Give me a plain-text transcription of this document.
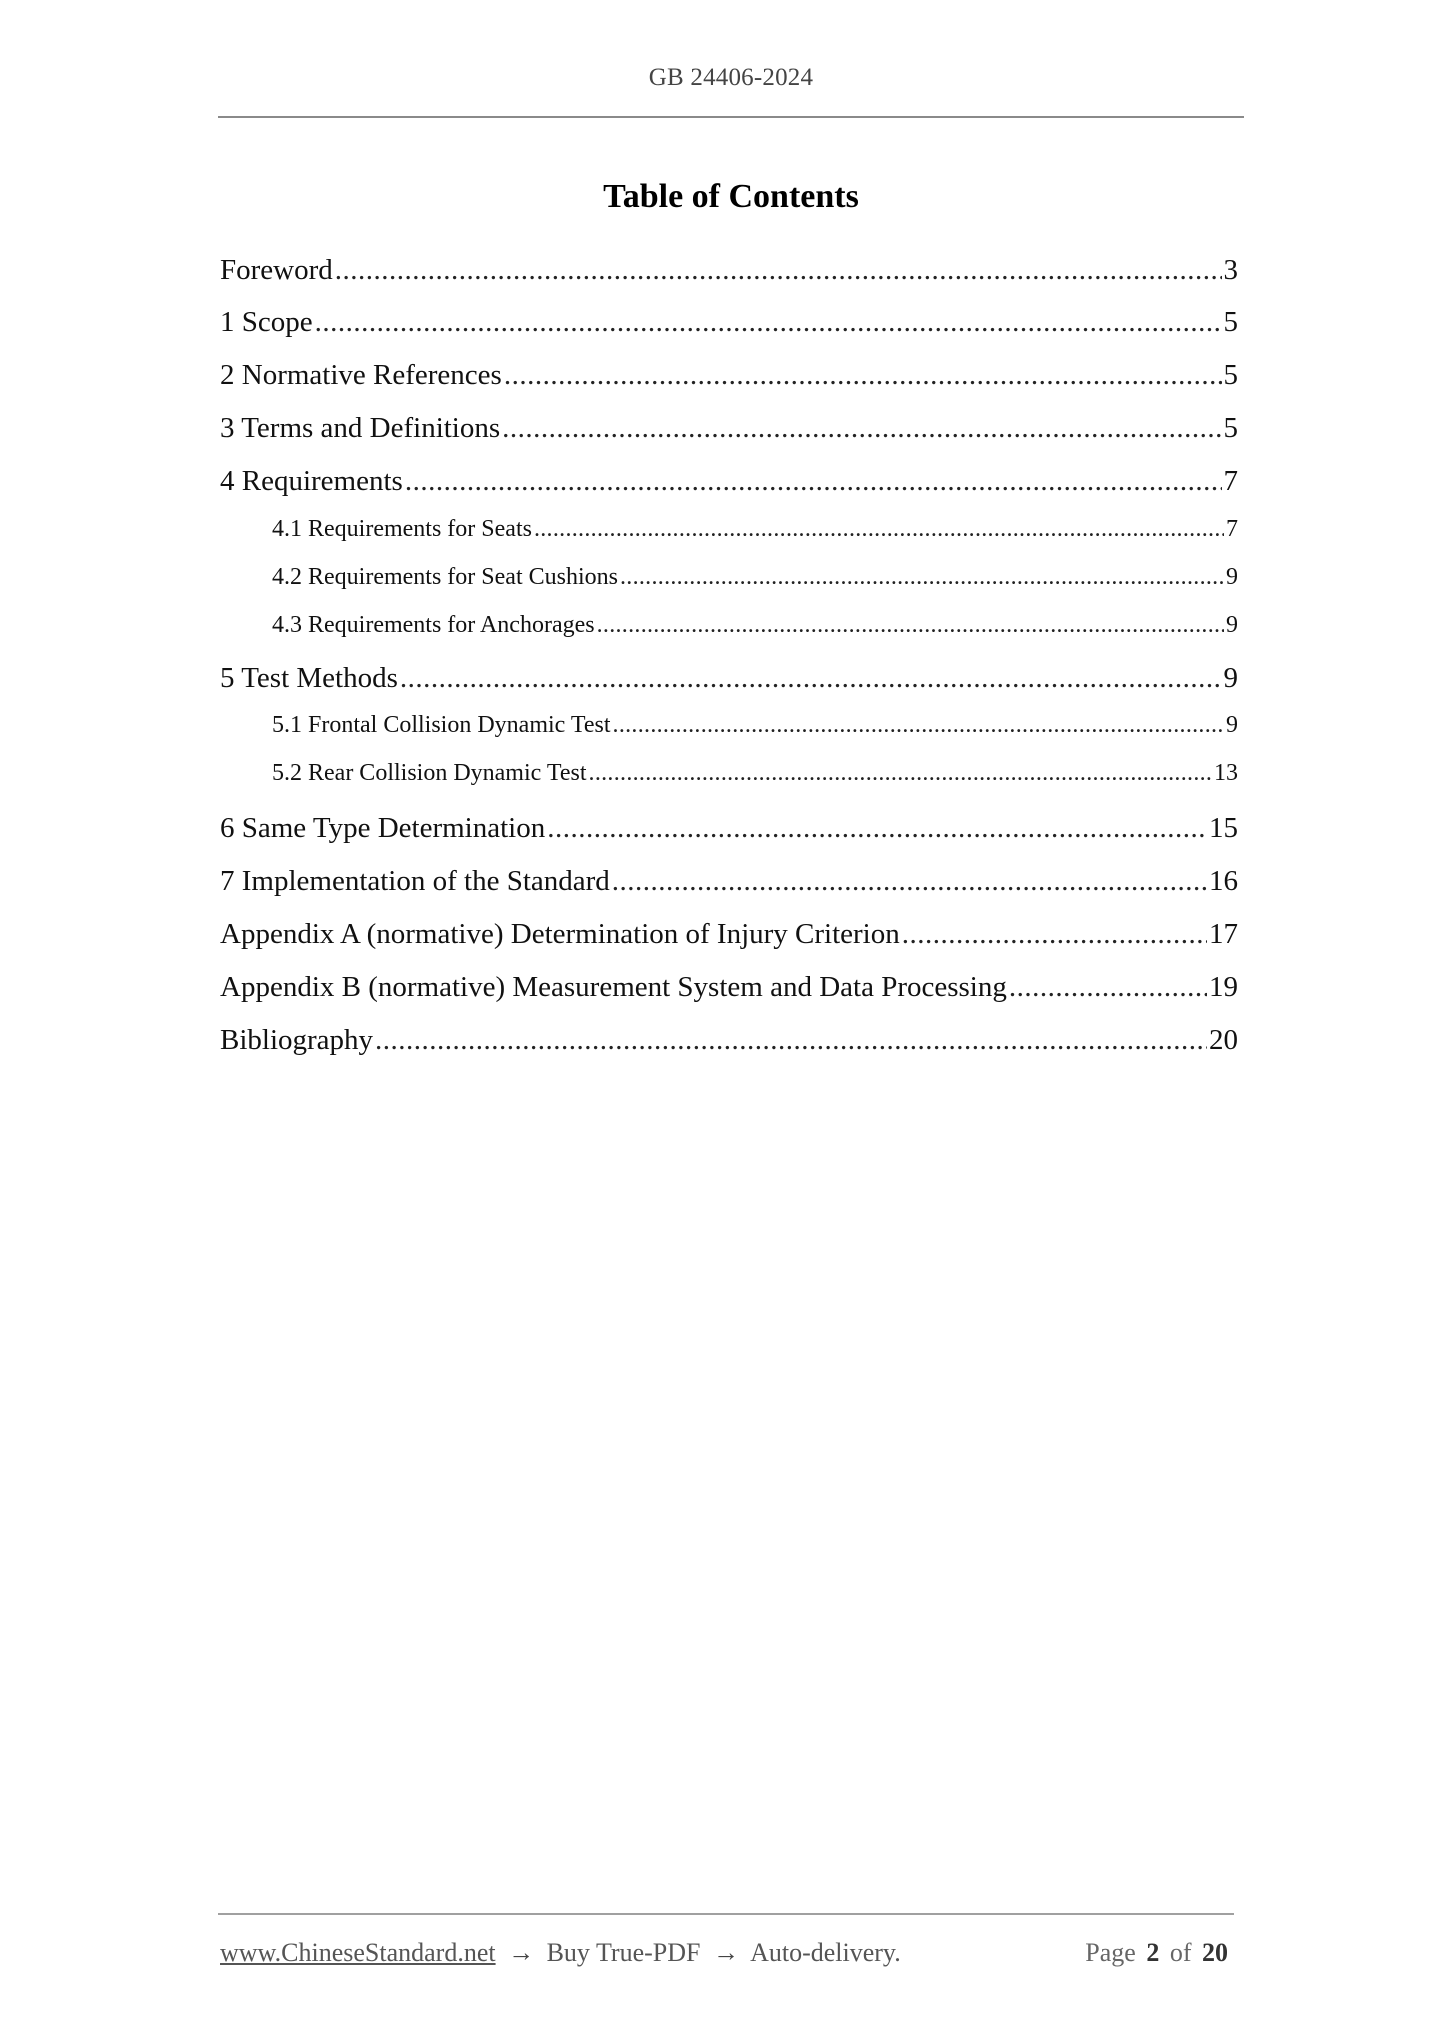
GB 24406-2024
Table of Contents
Foreword .....	3
1 Scope .....	5
2 Normative References .....	5
3 Terms and Definitions .....	5
4 Requirements .....	7
4.1 Requirements for Seats .....	7
4.2 Requirements for Seat Cushions .....	9
4.3 Requirements for Anchorages .....	9
5 Test Methods .....	9
5.1 Frontal Collision Dynamic Test .....	9
5.2 Rear Collision Dynamic Test .....	13
6 Same Type Determination .....	15
7 Implementation of the Standard .....	16
Appendix A (normative) Determination of Injury Criterion .....	17
Appendix B (normative) Measurement System and Data Processing .....	19
Bibliography .....	20
www.ChineseStandard.net → Buy True-PDF → Auto-delivery.	Page 2 of 20
